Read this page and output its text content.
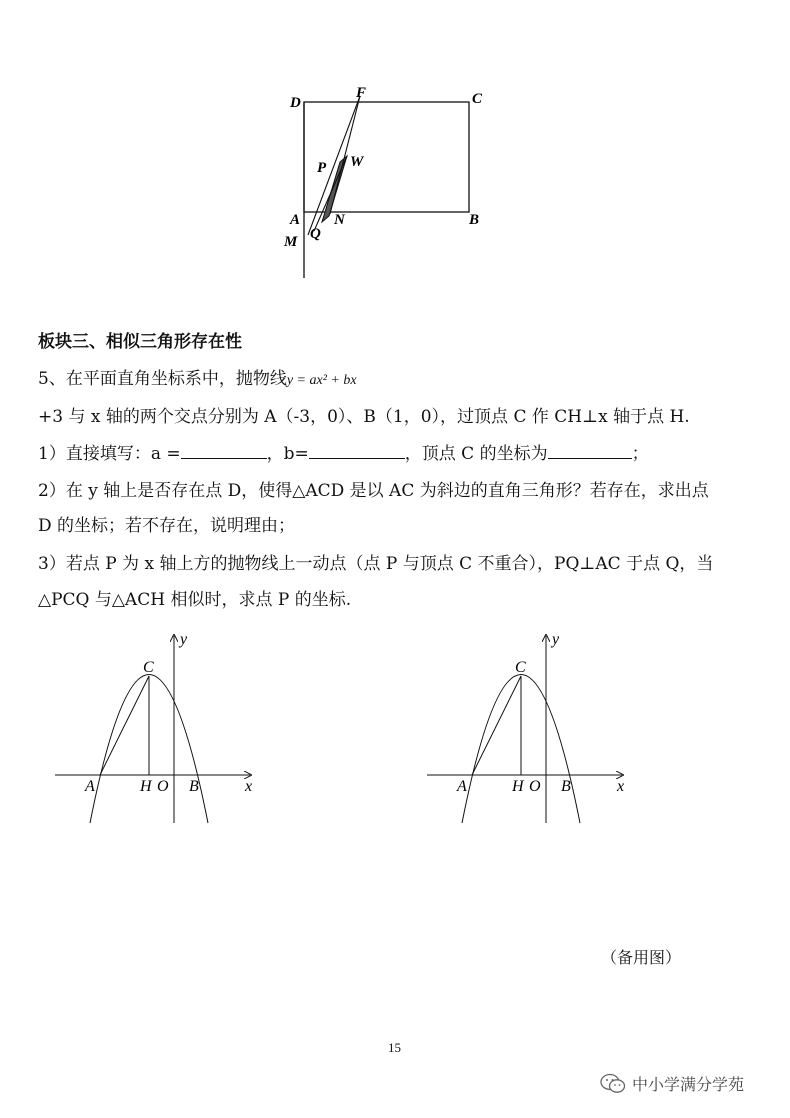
D
F	C
P W
A N	B
M Q
板块三、相似三角形存在性
5、在平面直角坐标系中，抛物线y = ax² + bx
+3 与 x 轴的两个交点分别为 A（-3，0）、B（1，0），过顶点 C 作 CH⊥x 轴于点 H.
1）直接填写：a =	，b=	，顶点 C 的坐标为	；
2）在 y 轴上是否存在点 D，使得△ACD 是以 AC 为斜边的直角三角形？若存在，求出点
D 的坐标；若不存在，说明理由；
3）若点 P 为 x 轴上方的抛物线上一动点（点 P 与顶点 C 不重合），PQ⊥AC 于点 Q，当
△PCQ 与△ACH 相似时，求点 P 的坐标.
C
y
A	H O B	x
C
y
A	H O B	x
（备用图）
15
中小学满分学苑
